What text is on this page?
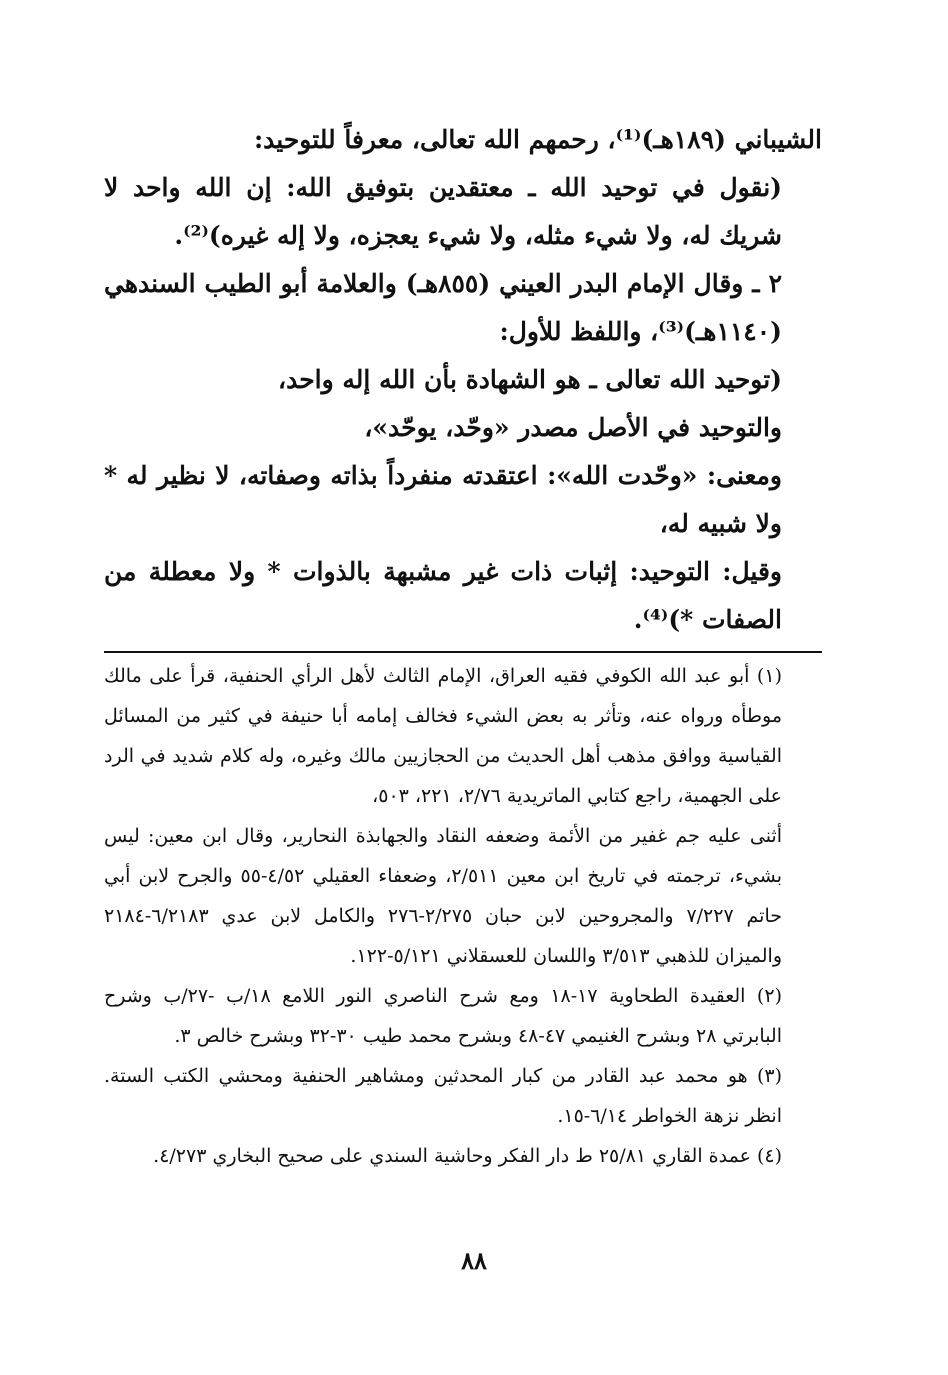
الشيباني (١٨٩هـ)⁽¹⁾، رحمهم الله تعالى، معرفاً للتوحيد:

(نقول في توحيد الله ـ معتقدين بتوفيق الله: إن الله واحد لا شريك له، ولا شيء مثله، ولا شيء يعجزه، ولا إله غيره)⁽²⁾.

٢ ـ وقال الإمام البدر العيني (٨٥٥هـ) والعلامة أبو الطيب السندهي (١١٤٠هـ)⁽³⁾، واللفظ للأول:

(توحيد الله تعالى ـ هو الشهادة بأن الله إله واحد،

والتوحيد في الأصل مصدر «وحّد، يوحّد»،

ومعنى: «وحّدت الله»: اعتقدته منفرداً بذاته وصفاته، لا نظير له * ولا شبيه له،

وقيل: التوحيد: إثبات ذات غير مشبهة بالذوات * ولا معطلة من الصفات *)⁽⁴⁾.

(١) أبو عبد الله الكوفي فقيه العراق، الإمام الثالث لأهل الرأي الحنفية، قرأ على مالك موطأه ورواه عنه، وتأثر به بعض الشيء فخالف إمامه أبا حنيفة في كثير من المسائل القياسية ووافق مذهب أهل الحديث من الحجازيين مالك وغيره، وله كلام شديد في الرد على الجهمية، راجع كتابي الماتريدية ٢/٧٦، ٢٢١، ٥٠٣،

أثنى عليه جم غفير من الأئمة وضعفه النقاد والجهابذة النحارير، وقال ابن معين: ليس بشيء، ترجمته في تاريخ ابن معين ٢/٥١١، وضعفاء العقيلي ٤/٥٢-٥٥ والجرح لابن أبي حاتم ٧/٢٢٧ والمجروحين لابن حبان ٢/٢٧٥-٢٧٦ والكامل لابن عدي ٦/٢١٨٣-٢١٨٤ والميزان للذهبي ٣/٥١٣ واللسان للعسقلاني ٥/١٢١-١٢٢.

(٢) العقيدة الطحاوية ١٧-١٨ ومع شرح الناصري النور اللامع ١٨/ب -٢٧/ب وشرح البابرتي ٢٨ وبشرح الغنيمي ٤٧-٤٨ وبشرح محمد طيب ٣٠-٣٢ وبشرح خالص ٣.

(٣) هو محمد عبد القادر من كبار المحدثين ومشاهير الحنفية ومحشي الكتب الستة. انظر نزهة الخواطر ٦/١٤-١٥.

(٤) عمدة القاري ٢٥/٨١ ط دار الفكر وحاشية السندي على صحيح البخاري ٤/٢٧٣.

٨٨
